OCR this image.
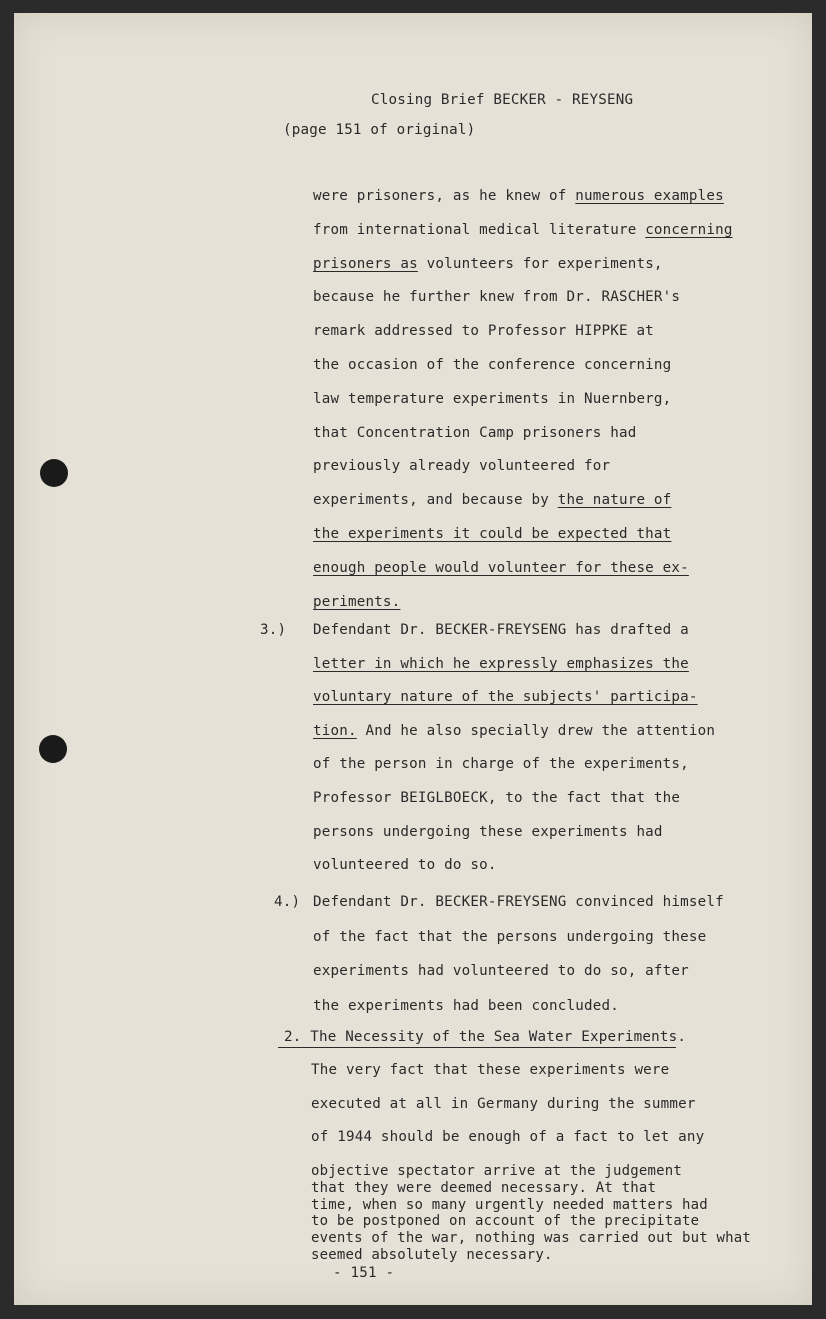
Closing Brief BECKER - REYSENG
(page 151 of original)
were prisoners, as he knew of numerous examples
from international medical literature concerning
prisoners as volunteers for experiments,
because he further knew from Dr. RASCHER's
remark addressed to Professor HIPPKE at
the occasion of the conference concerning
lаw temperature experiments in Nuernberg,
that Concentration Camp prisoners had
previously already volunteered for
experiments, and because by the nature of
the experiments it could be expected that
enough people would volunteer for these ex-
periments.
3.) Defendant Dr. BECKER-FREYSENG has drafted a
letter in which he expressly emphasizes the
voluntary nature of the subjects' participa-
tion. And he also specially drew the attention
of the person in charge of the experiments,
Professor BEIGLBOECK, to the fact that the
persons undergoing these experiments had
volunteered to do so.
4.) Defendant Dr. BECKER-FREYSENG convinced himself
of the fact that the persons undergoing these
experiments had volunteered to do so, after
the experiments had been concluded.
2. The Necessity of the Sea Water Experiments.
The very fact that these experiments were
executed at all in Germany during the summer
of 1944 should be enough of a fact to let any
objective spectator arrive at the judgement
that they were deemed necessary. At that
time, when so many urgently needed matters had
to be postponed on account of the precipitate
events of the war, nothing was carried out but what
seemed absolutely necessary.
- 151 -
